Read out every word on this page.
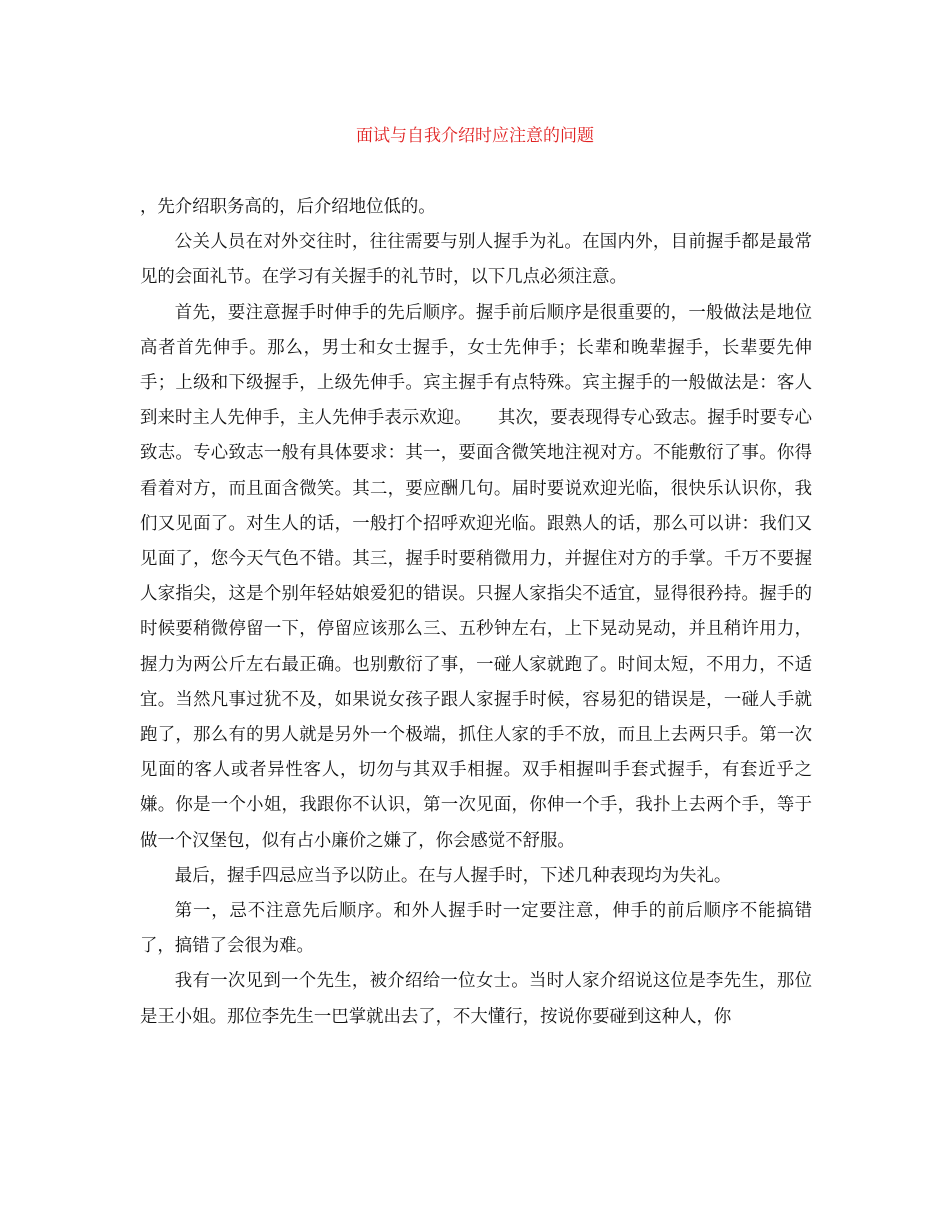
面试与自我介绍时应注意的问题

，先介绍职务高的，后介绍地位低的。

公关人员在对外交往时，往往需要与别人握手为礼。在国内外，目前握手都是最常见的会面礼节。在学习有关握手的礼节时，以下几点必须注意。

首先，要注意握手时伸手的先后顺序。握手前后顺序是很重要的，一般做法是地位高者首先伸手。那么，男士和女士握手，女士先伸手；长辈和晚辈握手，长辈要先伸手；上级和下级握手，上级先伸手。宾主握手有点特殊。宾主握手的一般做法是：客人到来时主人先伸手，主人先伸手表示欢迎。　　其次，要表现得专心致志。握手时要专心致志。专心致志一般有具体要求：其一，要面含微笑地注视对方。不能敷衍了事。你得看着对方，而且面含微笑。其二，要应酬几句。届时要说欢迎光临，很快乐认识你，我们又见面了。对生人的话，一般打个招呼欢迎光临。跟熟人的话，那么可以讲：我们又见面了，您今天气色不错。其三，握手时要稍微用力，并握住对方的手掌。千万不要握人家指尖，这是个别年轻姑娘爱犯的错误。只握人家指尖不适宜，显得很矜持。握手的时候要稍微停留一下，停留应该那么三、五秒钟左右，上下晃动晃动，并且稍许用力，握力为两公斤左右最正确。也别敷衍了事，一碰人家就跑了。时间太短，不用力，不适宜。当然凡事过犹不及，如果说女孩子跟人家握手时候，容易犯的错误是，一碰人手就跑了，那么有的男人就是另外一个极端，抓住人家的手不放，而且上去两只手。第一次见面的客人或者异性客人，切勿与其双手相握。双手相握叫手套式握手，有套近乎之嫌。你是一个小姐，我跟你不认识，第一次见面，你伸一个手，我扑上去两个手，等于做一个汉堡包，似有占小廉价之嫌了，你会感觉不舒服。

最后，握手四忌应当予以防止。在与人握手时，下述几种表现均为失礼。

第一，忌不注意先后顺序。和外人握手时一定要注意，伸手的前后顺序不能搞错了，搞错了会很为难。

我有一次见到一个先生，被介绍给一位女士。当时人家介绍说这位是李先生，那位是王小姐。那位李先生一巴掌就出去了，不大懂行，按说你要碰到这种人，你
